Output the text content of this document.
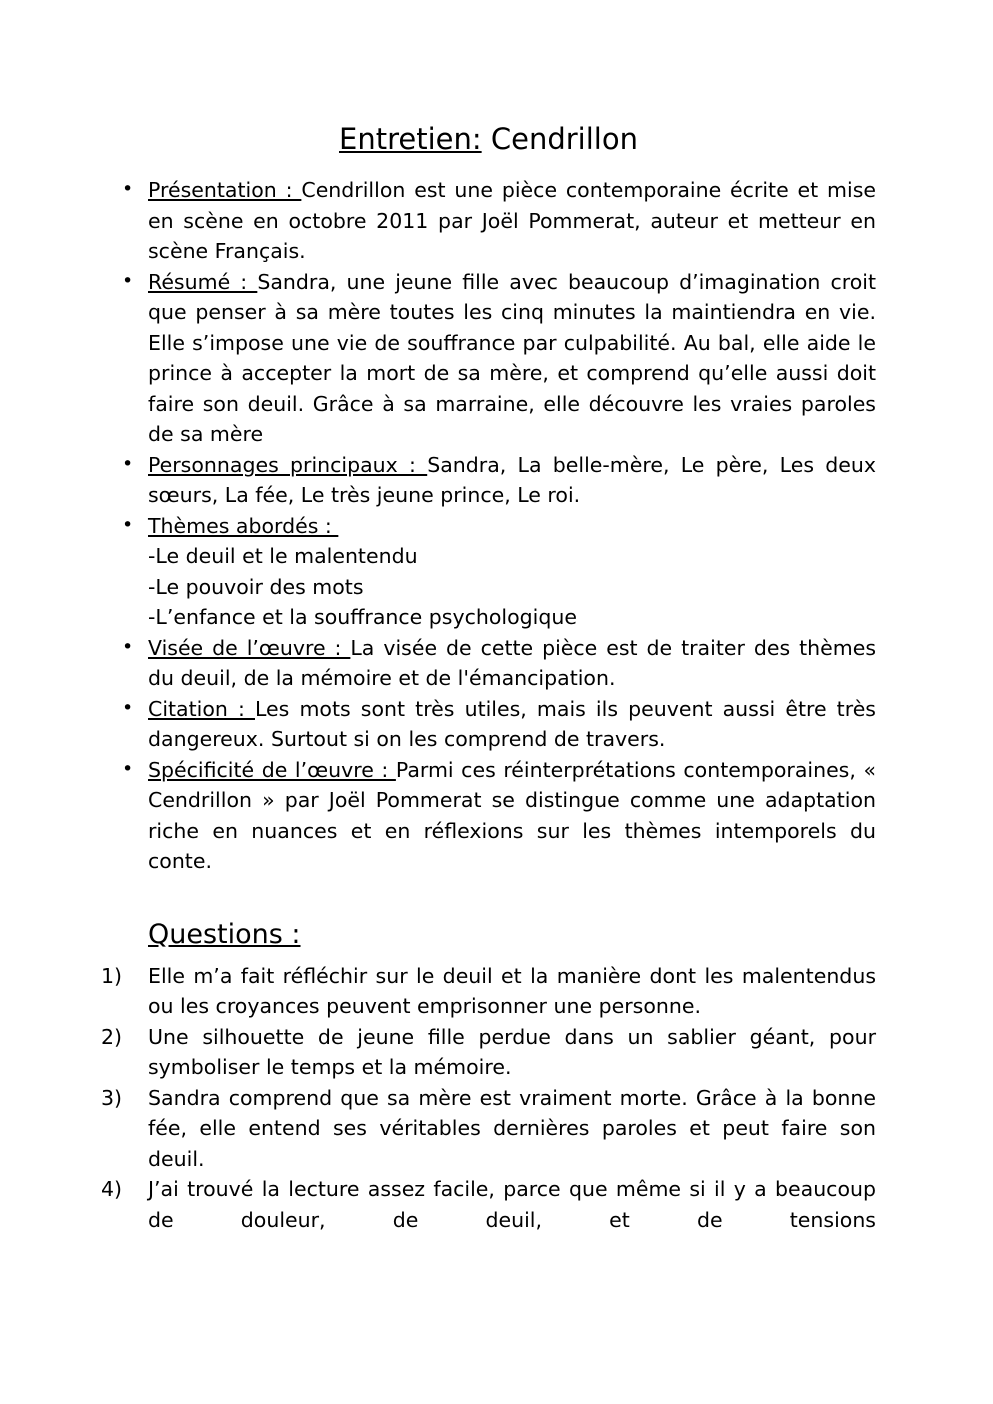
Entretien: Cendrillon
• Présentation : Cendrillon est une pièce contemporaine écrite et mise en scène en octobre 2011 par Joël Pommerat, auteur et metteur en scène Français.

• Résumé : Sandra, une jeune fille avec beaucoup d’imagination croit que penser à sa mère toutes les cinq minutes la maintiendra en vie. Elle s’impose une vie de souffrance par culpabilité. Au bal, elle aide le prince à accepter la mort de sa mère, et comprend qu’elle aussi doit faire son deuil. Grâce à sa marraine, elle découvre les vraies paroles de sa mère

• Personnages principaux : Sandra, La belle-mère, Le père, Les deux sœurs, La fée, Le très jeune prince, Le roi.

• Thèmes abordés :

-Le deuil et le malentendu
-Le pouvoir des mots
-L’enfance et la souffrance psychologique
• Visée de l’œuvre : La visée de cette pièce est de traiter des thèmes du deuil, de la mémoire et de l'émancipation.

• Citation : Les mots sont très utiles, mais ils peuvent aussi être très dangereux. Surtout si on les comprend de travers.

• Spécificité de l’œuvre : Parmi ces réinterprétations contemporaines, « Cendrillon » par Joël Pommerat se distingue comme une adaptation riche en nuances et en réflexions sur les thèmes intemporels du conte.

Questions :
1) Elle m’a fait réfléchir sur le deuil et la manière dont les malentendus ou les croyances peuvent emprisonner une personne.

2) Une silhouette de jeune fille perdue dans un sablier géant, pour symboliser le temps et la mémoire.

3) Sandra comprend que sa mère est vraiment morte. Grâce à la bonne fée, elle entend ses véritables dernières paroles et peut faire son deuil.

4) J’ai trouvé la lecture assez facile, parce que même si il y a beaucoup de douleur, de deuil, et de tensions
